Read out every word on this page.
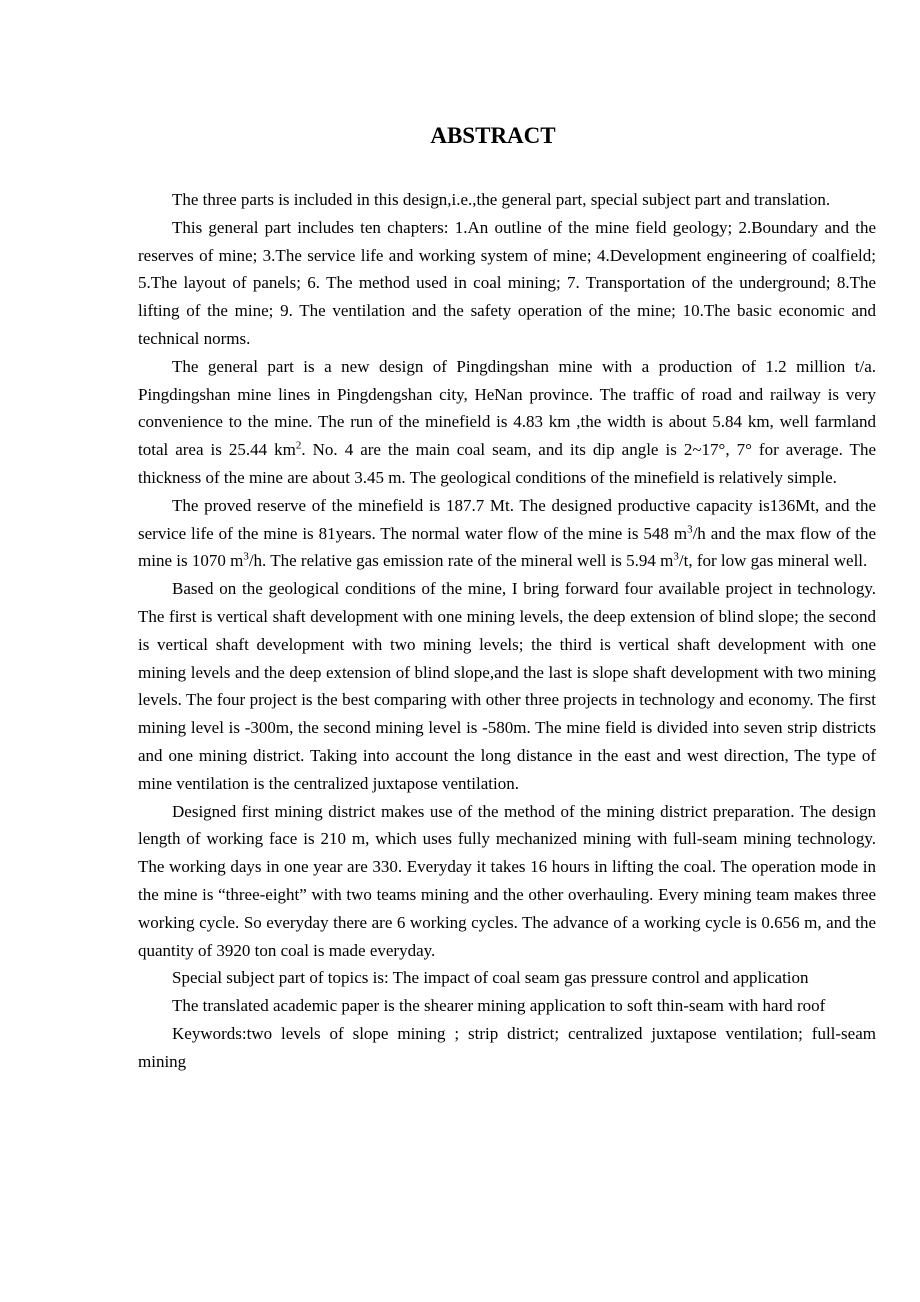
ABSTRACT

The three parts is included in this design,i.e.,the general part, special subject part and translation.

This general part includes ten chapters: 1.An outline of the mine field geology; 2.Boundary and the reserves of mine; 3.The service life and working system of mine; 4.Development engineering of coalfield; 5.The layout of panels; 6. The method used in coal mining; 7. Transportation of the underground; 8.The lifting of the mine; 9. The ventilation and the safety operation of the mine; 10.The basic economic and technical norms.

The general part is a new design of Pingdingshan mine with a production of 1.2 million t/a. Pingdingshan mine lines in Pingdengshan city, HeNan province. The traffic of road and railway is very convenience to the mine. The run of the minefield is 4.83 km ,the width is about 5.84 km, well farmland total area is 25.44 $km^2$. No. 4 are the main coal seam, and its dip angle is 2~17°, 7° for average. The thickness of the mine are about 3.45 m. The geological conditions of the minefield is relatively simple.

The proved reserve of the minefield is 187.7 Mt. The designed productive capacity is136Mt, and the service life of the mine is 81years. The normal water flow of the mine is 548 $m^3/h$ and the max flow of the mine is 1070 $m^3/h$. The relative gas emission rate of the mineral well is 5.94 $m^3/t$, for low gas mineral well.

Based on the geological conditions of the mine, I bring forward four available project in technology. The first is vertical shaft development with one mining levels, the deep extension of blind slope; the second is vertical shaft development with two mining levels; the third is vertical shaft development with one mining levels and the deep extension of blind slope,and the last is slope shaft development with two mining levels. The four project is the best comparing with other three projects in technology and economy. The first mining level is -300m, the second mining level is -580m. The mine field is divided into seven strip districts and one mining district. Taking into account the long distance in the east and west direction, The type of mine ventilation is the centralized juxtapose ventilation.

Designed first mining district makes use of the method of the mining district preparation. The design length of working face is 210 m, which uses fully mechanized mining with full-seam mining technology. The working days in one year are 330. Everyday it takes 16 hours in lifting the coal. The operation mode in the mine is “three-eight” with two teams mining and the other overhauling. Every mining team makes three working cycle. So everyday there are 6 working cycles. The advance of a working cycle is 0.656 m, and the quantity of 3920 ton coal is made everyday.

Special subject part of topics is: The impact of coal seam gas pressure control and application

The translated academic paper is the shearer mining application to soft thin-seam with hard roof

Keywords:two levels of slope mining ; strip district; centralized juxtapose ventilation; full-seam mining
